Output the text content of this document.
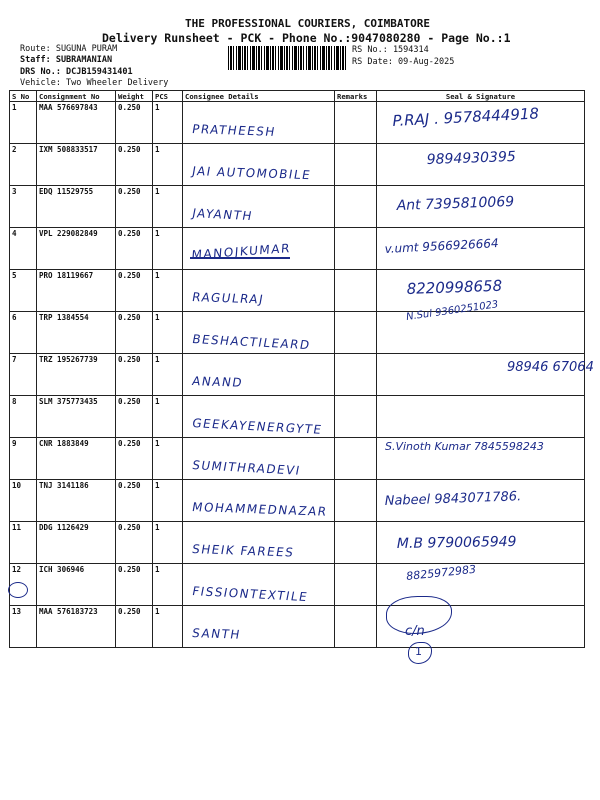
THE PROFESSIONAL COURIERS, COIMBATORE
Delivery Runsheet - PCK - Phone No.:9047080280 - Page No.:1
Route: SUGUNA PURAM
Staff: SUBRAMANIAN
DRS No.: DCJB159431401
Vehicle: Two Wheeler Delivery
RS No.: 1594314
RS Date: 09-Aug-2025
S No	Consignment No	Weight	PCS	Consignee Details	Remarks	Seal & Signature
1	MAA 576697843	0.250	1	PRATHEESH		P.RAJ . 9578444918

2	IXM 508833517	0.250	1	JAI AUTOMOBILE		9894930395

3	EDQ 11529755	0.250	1	JAYANTH		Ant 7395810069

4	VPL 229082849	0.250	1	MANOJKUMAR		v.umt 9566926664

5	PRO 18119667	0.250	1	RAGULRAJ		8220998658

6	TRP 1384554	0.250	1	BESHACTILEARD		N.Sul 9360251023

7	TRZ 195267739	0.250	1	ANAND		98946 67064

8	SLM 375773435	0.250	1	GEEKAYENERGYTE		

9	CNR 1883849	0.250	1	SUMITHRADEVI		S.Vinoth Kumar 7845598243

10	TNJ 3141186	0.250	1	MOHAMMEDNAZAR		Nabeel 9843071786.

11	DDG 1126429	0.250	1	SHEIK FAREES		M.B 9790065949

12	ICH 306946	0.250	1	FISSIONTEXTILE		8825972983

13	MAA 576183723	0.250	1	SANTH		c/n
1
